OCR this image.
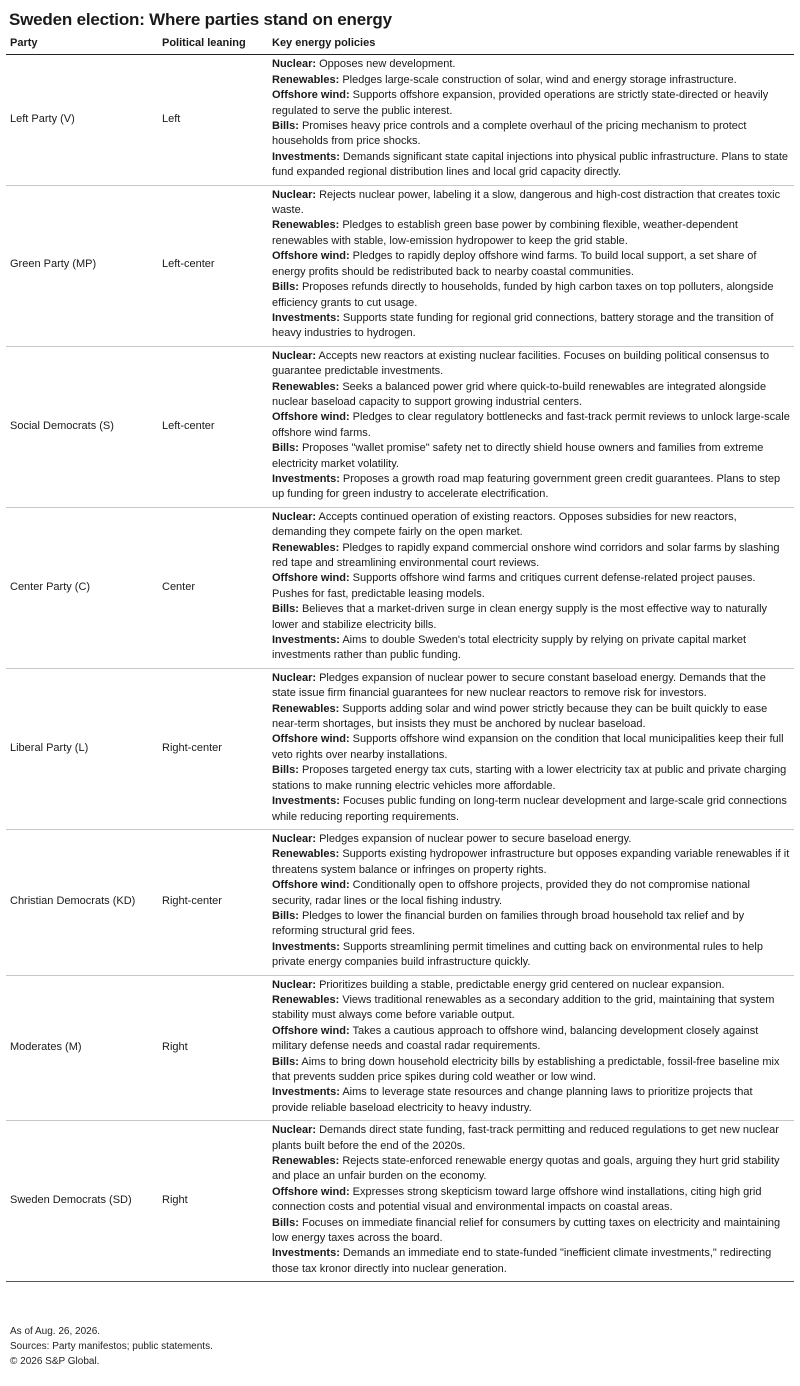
Sweden election: Where parties stand on energy
Party	Political leaning	Key energy policies
Left Party (V)	Left	Nuclear: Opposes new development.
Renewables: Pledges large-scale construction of solar, wind and energy storage infrastructure.
Offshore wind: Supports offshore expansion, provided operations are strictly state-directed or heavily regulated to serve the public interest.
Bills: Promises heavy price controls and a complete overhaul of the pricing mechanism to protect households from price shocks.
Investments: Demands significant state capital injections into physical public infrastructure. Plans to state fund expanded regional distribution lines and local grid capacity directly.

Green Party (MP)	Left-center	Nuclear: Rejects nuclear power, labeling it a slow, dangerous and high-cost distraction that creates toxic waste.
Renewables: Pledges to establish green base power by combining flexible, weather-dependent renewables with stable, low-emission hydropower to keep the grid stable.
Offshore wind: Pledges to rapidly deploy offshore wind farms. To build local support, a set share of energy profits should be redistributed back to nearby coastal communities.
Bills: Proposes refunds directly to households, funded by high carbon taxes on top polluters, alongside efficiency grants to cut usage.
Investments: Supports state funding for regional grid connections, battery storage and the transition of heavy industries to hydrogen.

Social Democrats (S)	Left-center	Nuclear: Accepts new reactors at existing nuclear facilities. Focuses on building political consensus to guarantee predictable investments.
Renewables: Seeks a balanced power grid where quick-to-build renewables are integrated alongside nuclear baseload capacity to support growing industrial centers.
Offshore wind: Pledges to clear regulatory bottlenecks and fast-track permit reviews to unlock large-scale offshore wind farms.
Bills: Proposes "wallet promise" safety net to directly shield house owners and families from extreme electricity market volatility.
Investments: Proposes a growth road map featuring government green credit guarantees. Plans to step up funding for green industry to accelerate electrification.

Center Party (C)	Center	Nuclear: Accepts continued operation of existing reactors. Opposes subsidies for new reactors, demanding they compete fairly on the open market.
Renewables: Pledges to rapidly expand commercial onshore wind corridors and solar farms by slashing red tape and streamlining environmental court reviews.
Offshore wind: Supports offshore wind farms and critiques current defense-related project pauses. Pushes for fast, predictable leasing models.
Bills: Believes that a market-driven surge in clean energy supply is the most effective way to naturally lower and stabilize electricity bills.
Investments: Aims to double Sweden's total electricity supply by relying on private capital market investments rather than public funding.

Liberal Party (L)	Right-center	Nuclear: Pledges expansion of nuclear power to secure constant baseload energy. Demands that the state issue firm financial guarantees for new nuclear reactors to remove risk for investors.
Renewables: Supports adding solar and wind power strictly because they can be built quickly to ease near-term shortages, but insists they must be anchored by nuclear baseload.
Offshore wind: Supports offshore wind expansion on the condition that local municipalities keep their full veto rights over nearby installations.
Bills: Proposes targeted energy tax cuts, starting with a lower electricity tax at public and private charging stations to make running electric vehicles more affordable.
Investments: Focuses public funding on long-term nuclear development and large-scale grid connections while reducing reporting requirements.

Christian Democrats (KD)	Right-center	Nuclear: Pledges expansion of nuclear power to secure baseload energy.
Renewables: Supports existing hydropower infrastructure but opposes expanding variable renewables if it threatens system balance or infringes on property rights.
Offshore wind: Conditionally open to offshore projects, provided they do not compromise national security, radar lines or the local fishing industry.
Bills: Pledges to lower the financial burden on families through broad household tax relief and by reforming structural grid fees.
Investments: Supports streamlining permit timelines and cutting back on environmental rules to help private energy companies build infrastructure quickly.

Moderates (M)	Right	Nuclear: Prioritizes building a stable, predictable energy grid centered on nuclear expansion.
Renewables: Views traditional renewables as a secondary addition to the grid, maintaining that system stability must always come before variable output.
Offshore wind: Takes a cautious approach to offshore wind, balancing development closely against military defense needs and coastal radar requirements.
Bills: Aims to bring down household electricity bills by establishing a predictable, fossil-free baseline mix that prevents sudden price spikes during cold weather or low wind.
Investments: Aims to leverage state resources and change planning laws to prioritize projects that provide reliable baseload electricity to heavy industry.

Sweden Democrats (SD)	Right	Nuclear: Demands direct state funding, fast-track permitting and reduced regulations to get new nuclear plants built before the end of the 2020s.
Renewables: Rejects state-enforced renewable energy quotas and goals, arguing they hurt grid stability and place an unfair burden on the economy.
Offshore wind: Expresses strong skepticism toward large offshore wind installations, citing high grid connection costs and potential visual and environmental impacts on coastal areas.
Bills: Focuses on immediate financial relief for consumers by cutting taxes on electricity and maintaining low energy taxes across the board.
Investments: Demands an immediate end to state-funded "inefficient climate investments," redirecting those tax kronor directly into nuclear generation.
As of Aug. 26, 2026.
Sources: Party manifestos; public statements.
© 2026 S&P Global.
